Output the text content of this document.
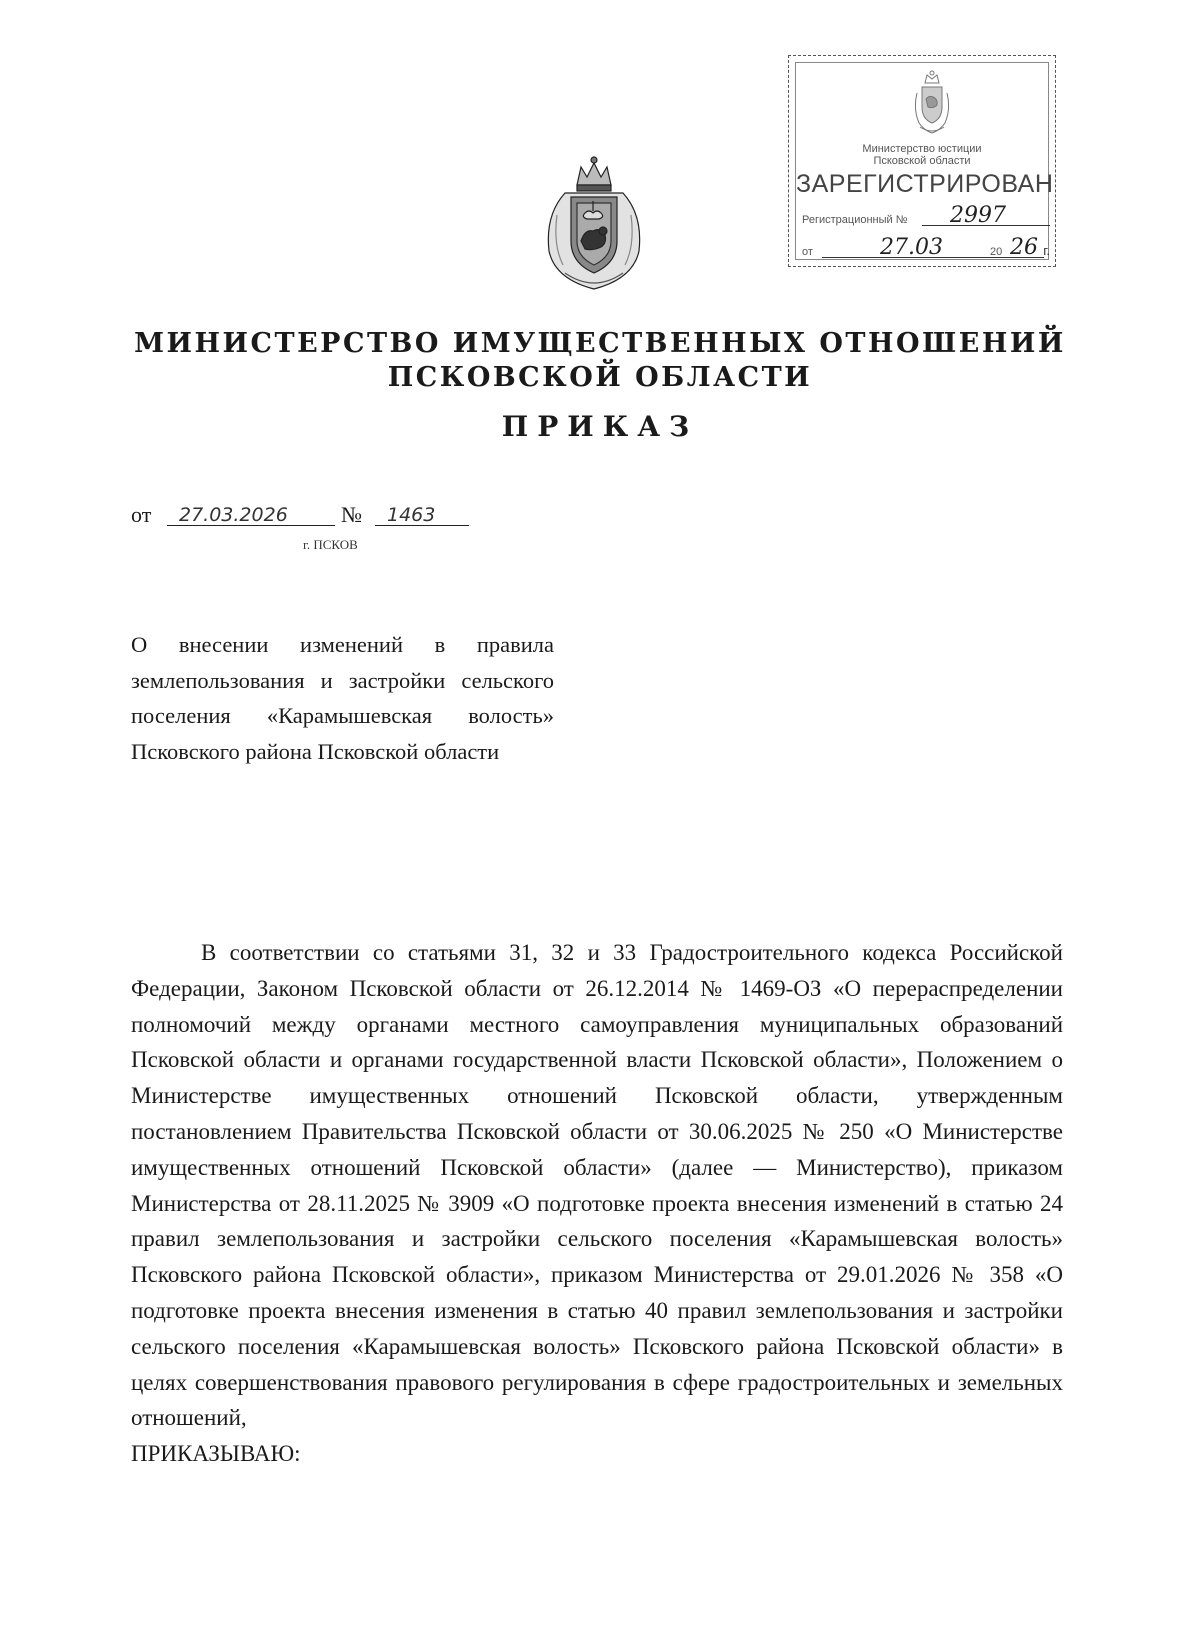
Министерство юстиции
Псковской области
ЗАРЕГИСТРИРОВАН
Регистрационный № 2997
от	27.03	20 26 г.
МИНИСТЕРСТВО ИМУЩЕСТВЕННЫХ ОТНОШЕНИЙ
ПСКОВСКОЙ ОБЛАСТИ
ПРИКАЗ
от 27.03.2026 № 1463
г. ПСКОВ
О внесении изменений в правила землепользования и застройки сельского поселения «Карамышевская волость» Псковского района Псковской области

В соответствии со статьями 31, 32 и 33 Градостроительного кодекса Российской Федерации, Законом Псковской области от 26.12.2014 № 1469-ОЗ «О перераспределении полномочий между органами местного самоуправления муниципальных образований Псковской области и органами государственной власти Псковской области», Положением о Министерстве имущественных отношений Псковской области, утвержденным постановлением Правительства Псковской области от 30.06.2025 № 250 «О Министерстве имущественных отношений Псковской области» (далее — Министерство), приказом Министерства от 28.11.2025 № 3909 «О подготовке проекта внесения изменений в статью 24 правил землепользования и застройки сельского поселения «Карамышевская волость» Псковского района Псковской области», приказом Министерства от 29.01.2026 № 358 «О подготовке проекта внесения изменения в статью 40 правил землепользования и застройки сельского поселения «Карамышевская волость» Псковского района Псковской области» в целях совершенствования правового регулирования в сфере градостроительных и земельных отношений,

ПРИКАЗЫВАЮ:
